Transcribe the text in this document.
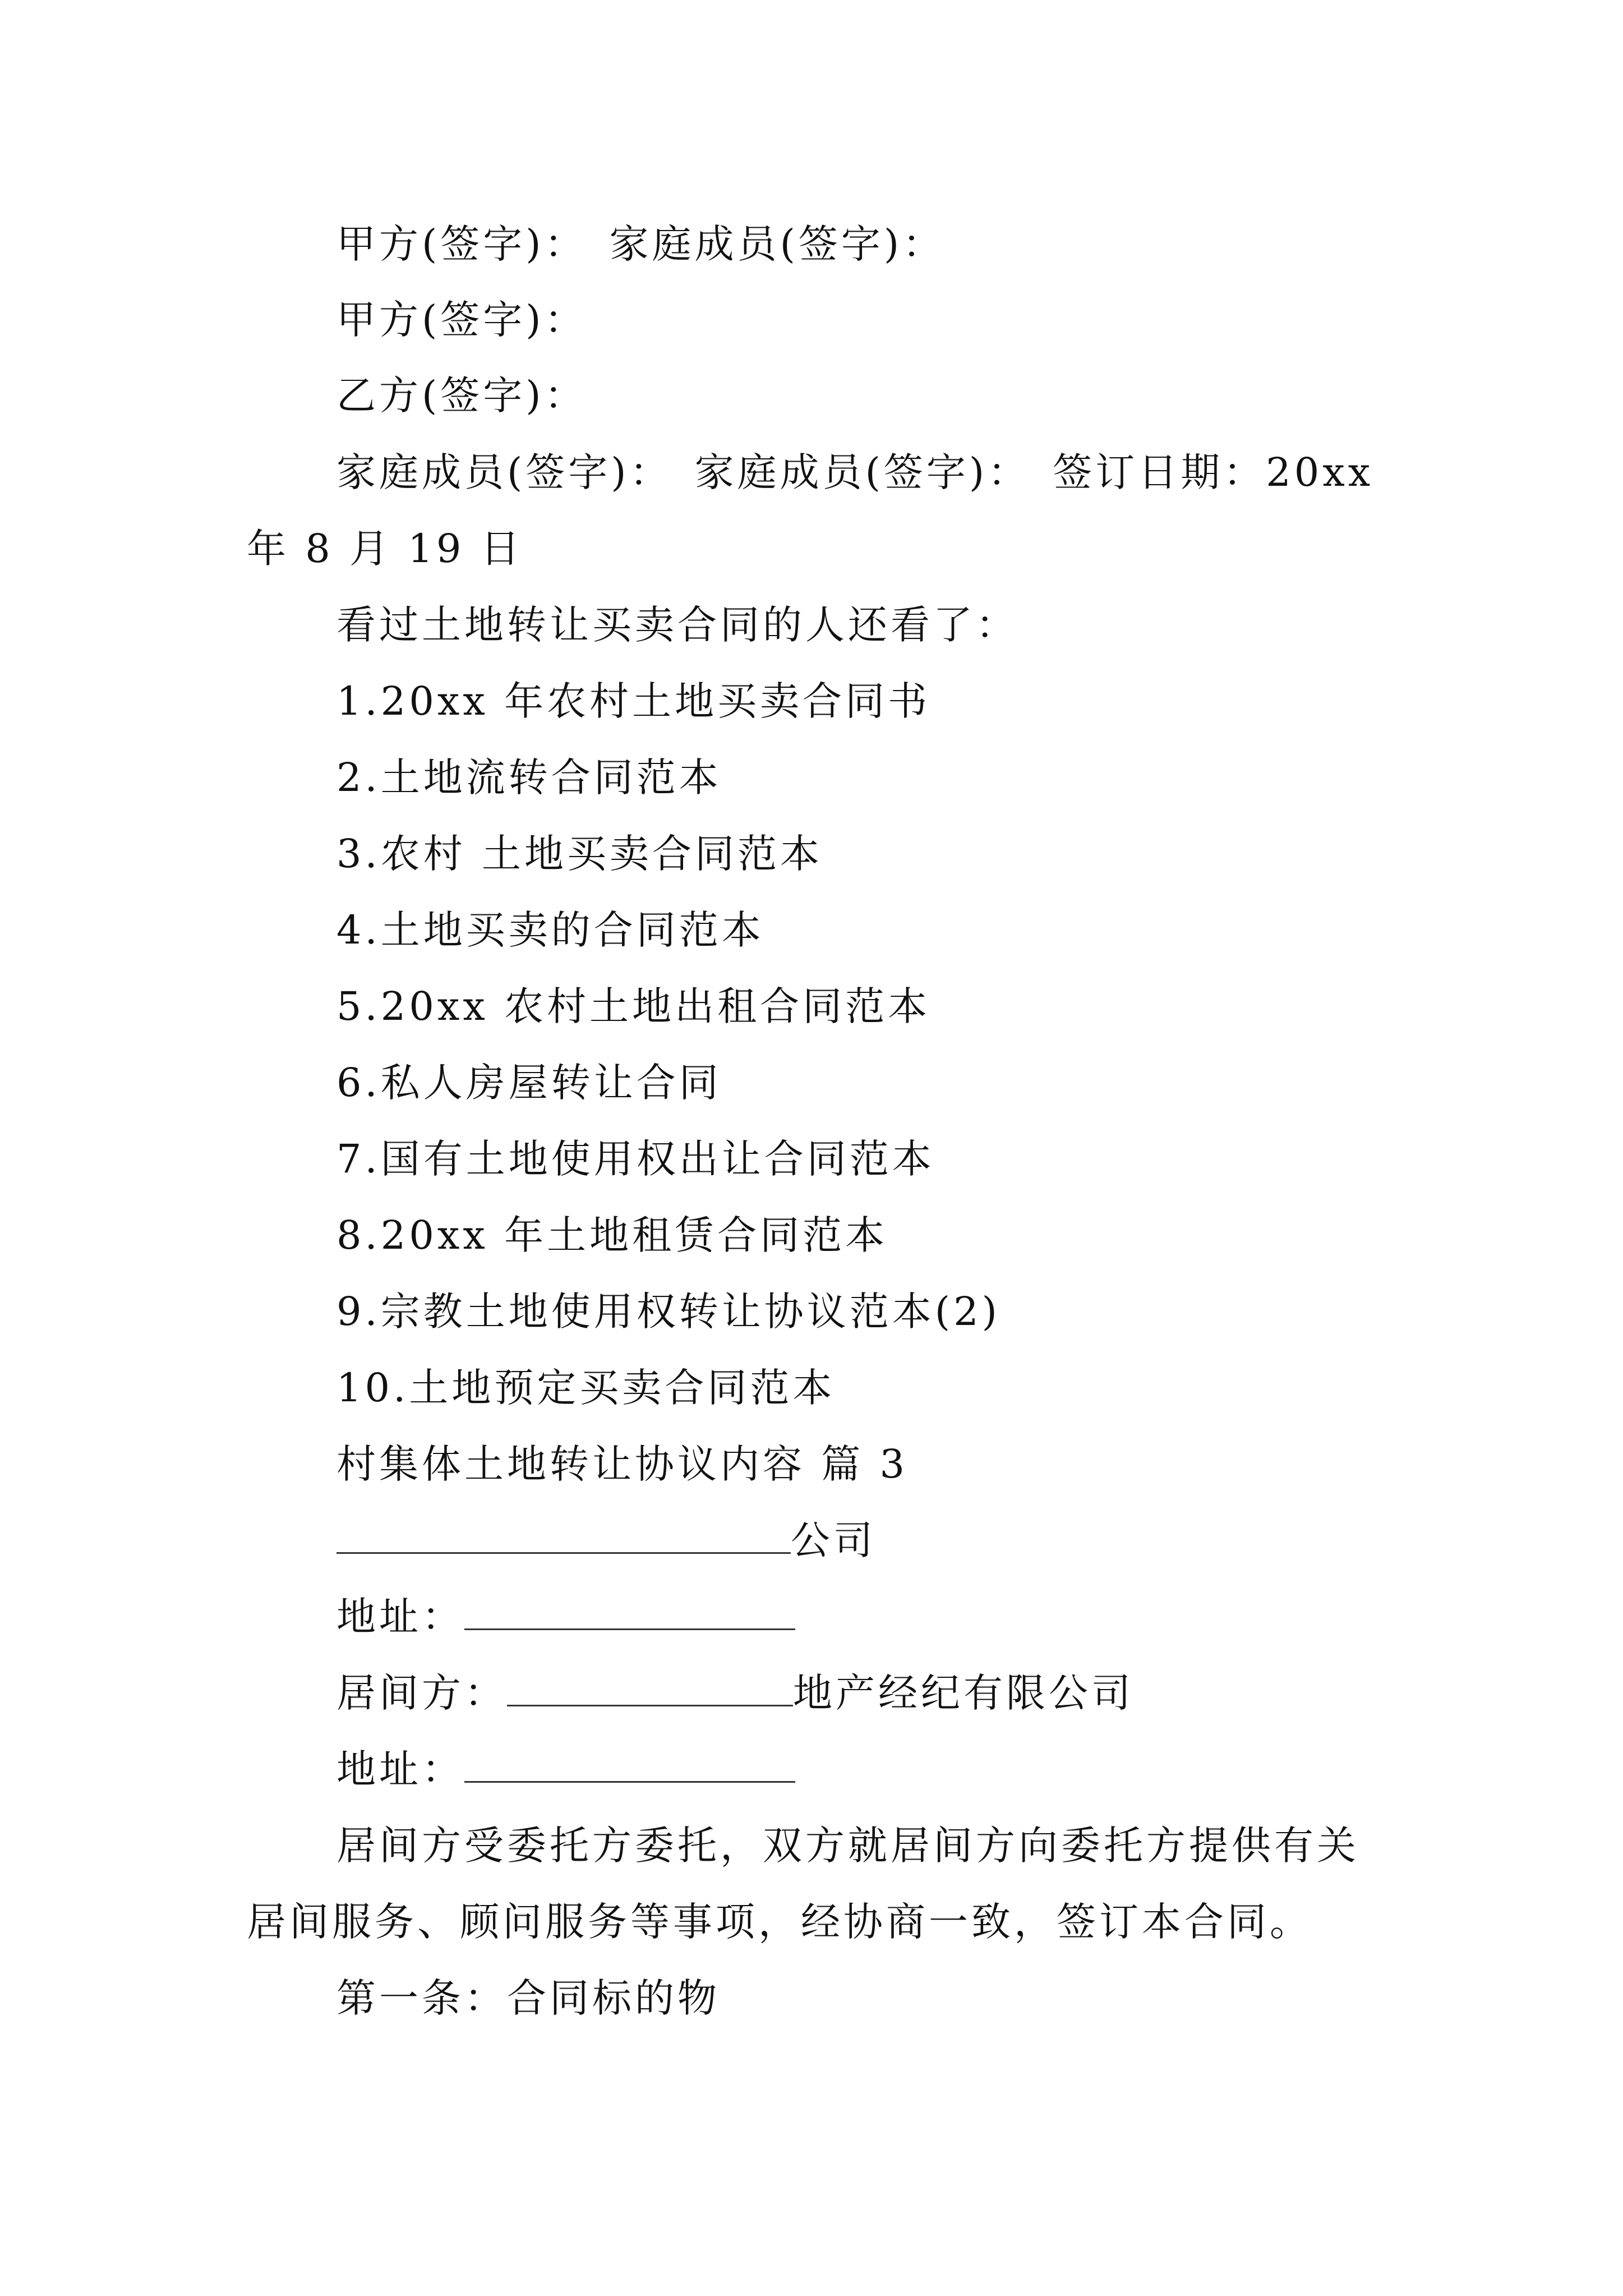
甲方(签字)： 家庭成员(签字)：
甲方(签字)：
乙方(签字)：
家庭成员(签字)： 家庭成员(签字)： 签订日期：20xx
年 8 月 19 日
看过土地转让买卖合同的人还看了：
1.20xx 年农村土地买卖合同书
2.土地流转合同范本
3.农村 土地买卖合同范本
4.土地买卖的合同范本
5.20xx 农村土地出租合同范本
6.私人房屋转让合同
7.国有土地使用权出让合同范本
8.20xx 年土地租赁合同范本
9.宗教土地使用权转让协议范本(2)
10.土地预定买卖合同范本
村集体土地转让协议内容 篇 3
公司
地址：
居间方：	地产经纪有限公司
地址：
居间方受委托方委托，双方就居间方向委托方提供有关
居间服务、顾问服务等事项，经协商一致，签订本合同。
第一条：合同标的物
